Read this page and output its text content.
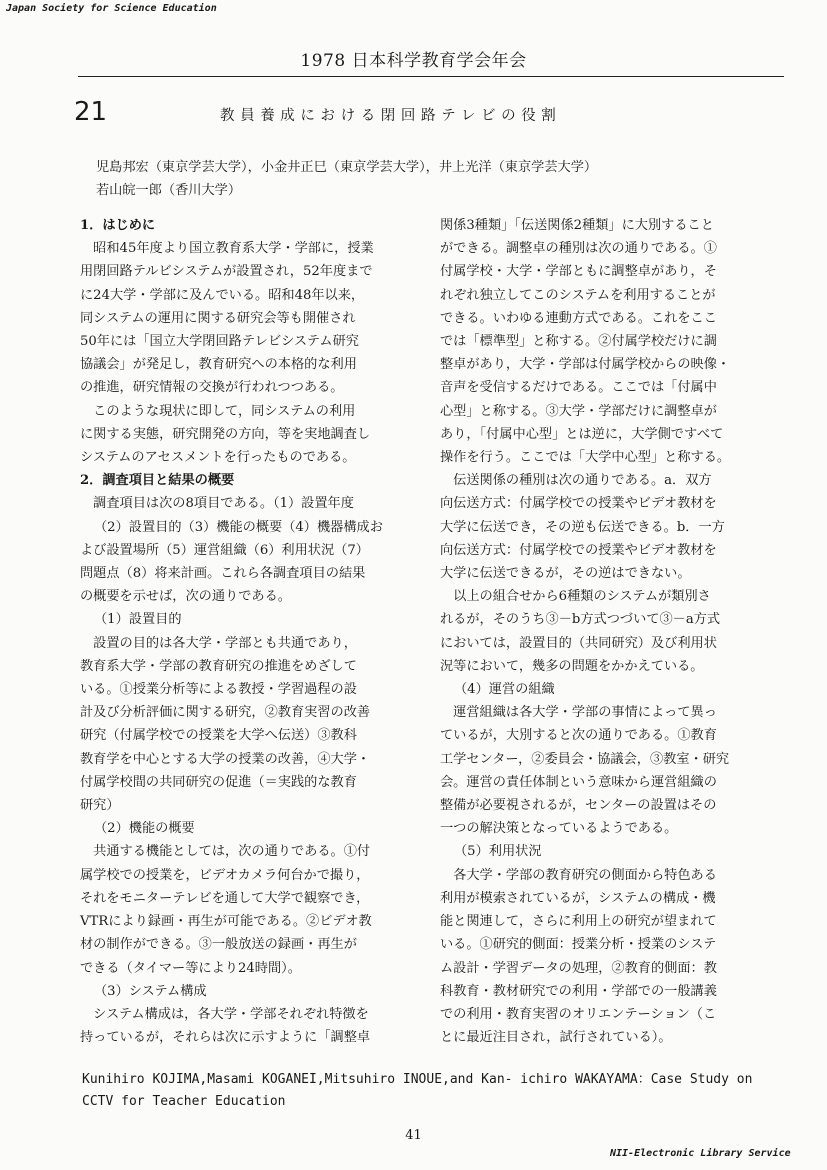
Japan Society for Science Education
1978 日本科学教育学会年会
21	教員養成における閉回路テレビの役割
児島邦宏（東京学芸大学），小金井正巳（東京学芸大学），井上光洋（東京学芸大学）
若山皖一郎（香川大学）

1．はじめに

　昭和45年度より国立教育系大学・学部に，授業

用閉回路テルビシステムが設置され，52年度まで

に24大学・学部に及んでいる。昭和48年以来，

同システムの運用に関する研究会等も開催され

50年には「国立大学閉回路テレビシステム研究

協議会」が発足し，教育研究への本格的な利用

の推進，研究情報の交換が行われつつある。

　このような現状に即して，同システムの利用

に関する実態，研究開発の方向，等を実地調査し

システムのアセスメントを行ったものである。

2．調査項目と結果の概要

　調査項目は次の8項目である。（1）設置年度

（2）設置目的（3）機能の概要（4）機器構成お

よび設置場所（5）運営組織（6）利用状況（7）

問題点（8）将来計画。これら各調査項目の結果

の概要を示せば，次の通りである。

（1）設置目的

　設置の目的は各大学・学部とも共通であり，

教育系大学・学部の教育研究の推進をめざして

いる。①授業分析等による教授・学習過程の設

計及び分析評価に関する研究，②教育実習の改善

研究（付属学校での授業を大学へ伝送）③教科

教育学を中心とする大学の授業の改善，④大学・

付属学校間の共同研究の促進（＝実践的な教育

研究）

（2）機能の概要

　共通する機能としては，次の通りである。①付

属学校での授業を，ビデオカメラ何台かで撮り，

それをモニターテレビを通して大学で観察でき，

VTRにより録画・再生が可能である。②ビデオ教

材の制作ができる。③一般放送の録画・再生が

できる（タイマー等により24時間）。

（3）システム構成

　システム構成は，各大学・学部それぞれ特徴を

持っているが，それらは次に示すように「調整卓

関係3種類」「伝送関係2種類」に大別すること

ができる。調整卓の種別は次の通りである。①

付属学校・大学・学部ともに調整卓があり，そ

れぞれ独立してこのシステムを利用することが

できる。いわゆる連動方式である。これをここ

では「標準型」と称する。②付属学校だけに調

整卓があり，大学・学部は付属学校からの映像・

音声を受信するだけである。ここでは「付属中

心型」と称する。③大学・学部だけに調整卓が

あり，「付属中心型」とは逆に，大学側ですべて

操作を行う。ここでは「大学中心型」と称する。

　伝送関係の種別は次の通りである。a．双方

向伝送方式：付属学校での授業やビデオ教材を

大学に伝送でき，その逆も伝送できる。b．一方

向伝送方式：付属学校での授業やビデオ教材を

大学に伝送できるが，その逆はできない。

　以上の組合せから6種類のシステムが類別さ

れるが，そのうち③－b方式つづいて③－a方式

においては，設置目的（共同研究）及び利用状

況等において，幾多の問題をかかえている。

（4）運営の組織

　運営組織は各大学・学部の事情によって異っ

ているが，大別すると次の通りである。①教育

工学センター，②委員会・協議会，③教室・研究

会。運営の責任体制という意味から運営組織の

整備が必要視されるが，センターの設置はその

一つの解決策となっているようである。

（5）利用状況

　各大学・学部の教育研究の側面から特色ある

利用が模索されているが，システムの構成・機

能と関連して，さらに利用上の研究が望まれて

いる。①研究的側面：授業分析・授業のシステ

ム設計・学習データの処理，②教育的側面：教

科教育・教材研究での利用・学部での一般講義

での利用・教育実習のオリエンテーション（こ

とに最近注目され，試行されている）。

Kunihiro KOJIMA,Masami KOGANEI,Mitsuhiro INOUE,and Kan- ichiro WAKAYAMA：Case Study on
CCTV for Teacher Education
41
NII-Electronic Library Service
